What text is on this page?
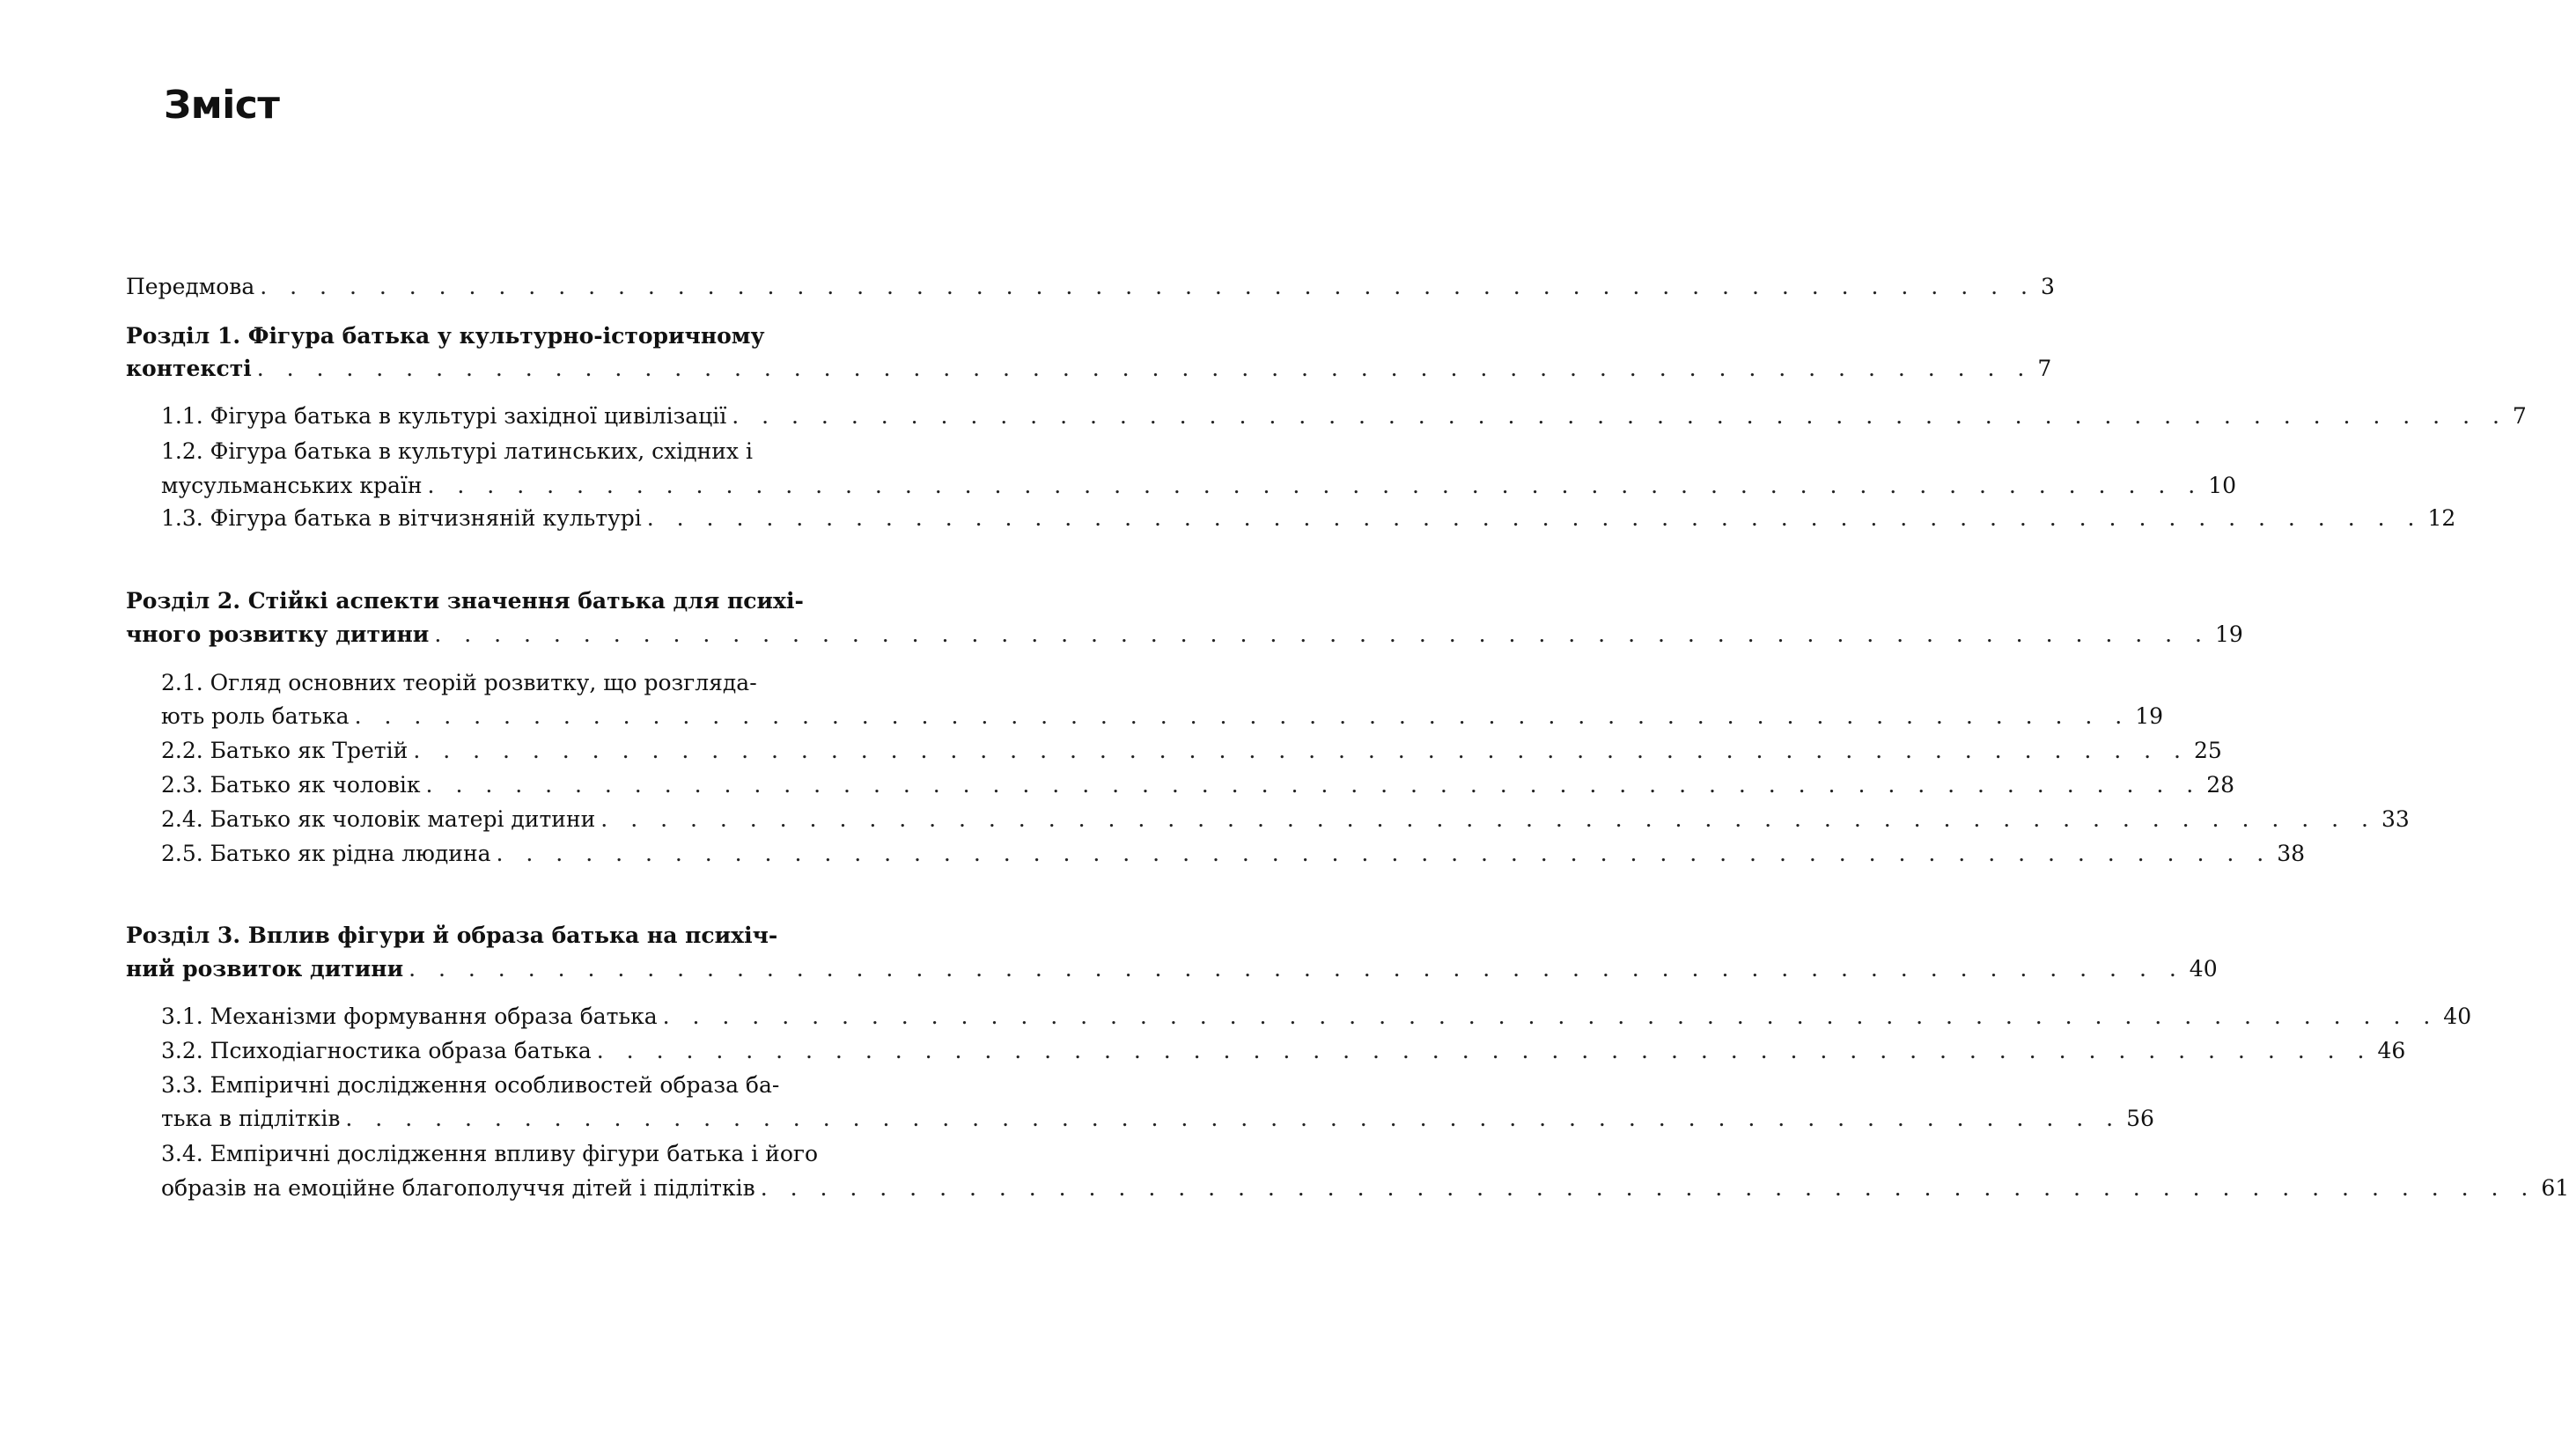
Зміст
Передмова . . . . . . . . . . . . . . . . . . . . . . . . . . . . . . . . . . . . . . . . . . . . . . . . . . . . . . . . . . . . 3
Розділ 1. Фігура батька у культурно-історичному
контексті . . . . . . . . . . . . . . . . . . . . . . . . . . . . . . . . . . . . . . . . . . . . . . . . . . . . . . . . . . . . 7
1.1. Фігура батька в культурі західної цивілізації . . . . . . . . . . . . . . . . . . . . . . . . . . . . . . . . . . . . . . . . . . . . . . . . . . . . . . . . . . . . 7
1.2. Фігура батька в культурі латинських, східних і
мусульманських країн . . . . . . . . . . . . . . . . . . . . . . . . . . . . . . . . . . . . . . . . . . . . . . . . . . . . . . . . . . . . 10
1.3. Фігура батька в вітчизняній культурі . . . . . . . . . . . . . . . . . . . . . . . . . . . . . . . . . . . . . . . . . . . . . . . . . . . . . . . . . . . . 12
Розділ 2. Стійкі аспекти значення батька для психі-
чного розвитку дитини . . . . . . . . . . . . . . . . . . . . . . . . . . . . . . . . . . . . . . . . . . . . . . . . . . . . . . . . . . . . 19
2.1. Огляд основних теорій розвитку, що розгляда-
ють роль батька . . . . . . . . . . . . . . . . . . . . . . . . . . . . . . . . . . . . . . . . . . . . . . . . . . . . . . . . . . . . 19
2.2. Батько як Третій . . . . . . . . . . . . . . . . . . . . . . . . . . . . . . . . . . . . . . . . . . . . . . . . . . . . . . . . . . . . 25
2.3. Батько як чоловік . . . . . . . . . . . . . . . . . . . . . . . . . . . . . . . . . . . . . . . . . . . . . . . . . . . . . . . . . . . . 28
2.4. Батько як чоловік матері дитини . . . . . . . . . . . . . . . . . . . . . . . . . . . . . . . . . . . . . . . . . . . . . . . . . . . . . . . . . . . . 33
2.5. Батько як рідна людина . . . . . . . . . . . . . . . . . . . . . . . . . . . . . . . . . . . . . . . . . . . . . . . . . . . . . . . . . . . . 38
Розділ 3. Вплив фігури й образа батька на психіч-
ний розвиток дитини . . . . . . . . . . . . . . . . . . . . . . . . . . . . . . . . . . . . . . . . . . . . . . . . . . . . . . . . . . . . 40
3.1. Механізми формування образа батька . . . . . . . . . . . . . . . . . . . . . . . . . . . . . . . . . . . . . . . . . . . . . . . . . . . . . . . . . . . . 40
3.2. Психодіагностика образа батька . . . . . . . . . . . . . . . . . . . . . . . . . . . . . . . . . . . . . . . . . . . . . . . . . . . . . . . . . . . . 46
3.3. Емпіричні дослідження особливостей образа ба-
тька в підлітків . . . . . . . . . . . . . . . . . . . . . . . . . . . . . . . . . . . . . . . . . . . . . . . . . . . . . . . . . . . . 56
3.4. Емпіричні дослідження впливу фігури батька і його
образів на емоційне благополуччя дітей і підлітків . . . . . . . . . . . . . . . . . . . . . . . . . . . . . . . . . . . . . . . . . . . . . . . . . . . . . . . . . . . . 61
